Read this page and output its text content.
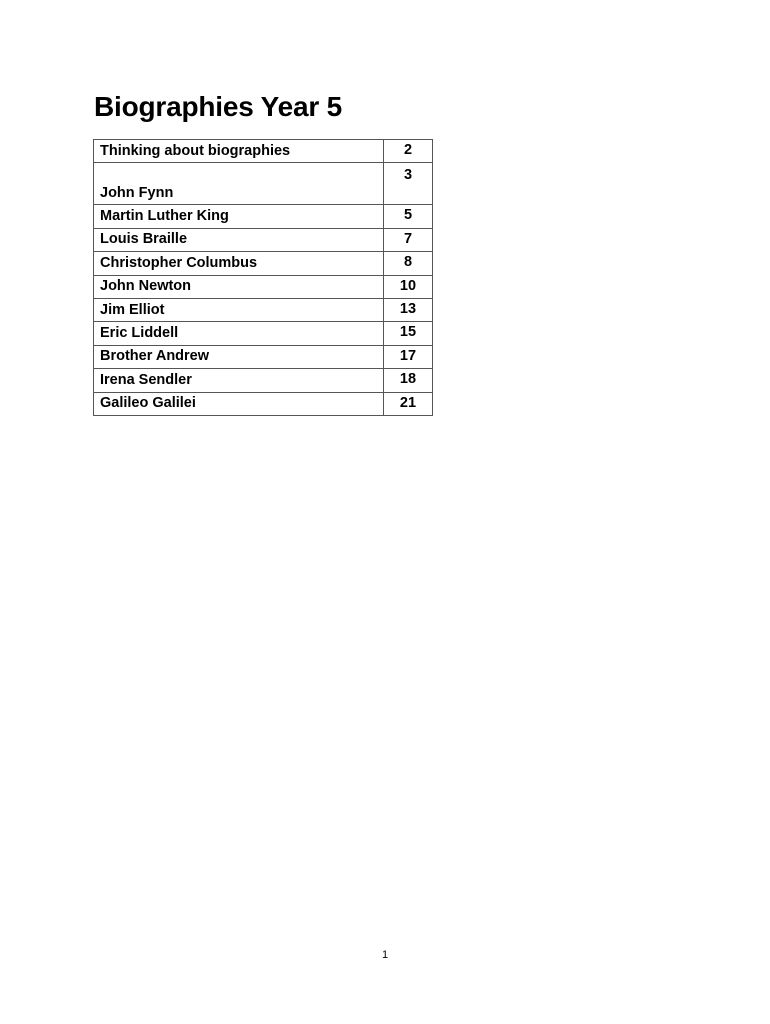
Biographies Year 5
Thinking about biographies	2
John Fynn	3
Martin Luther King	5
Louis Braille	7
Christopher Columbus	8
John Newton	10
Jim Elliot	13
Eric Liddell	15
Brother Andrew	17
Irena Sendler	18
Galileo Galilei	21
1
